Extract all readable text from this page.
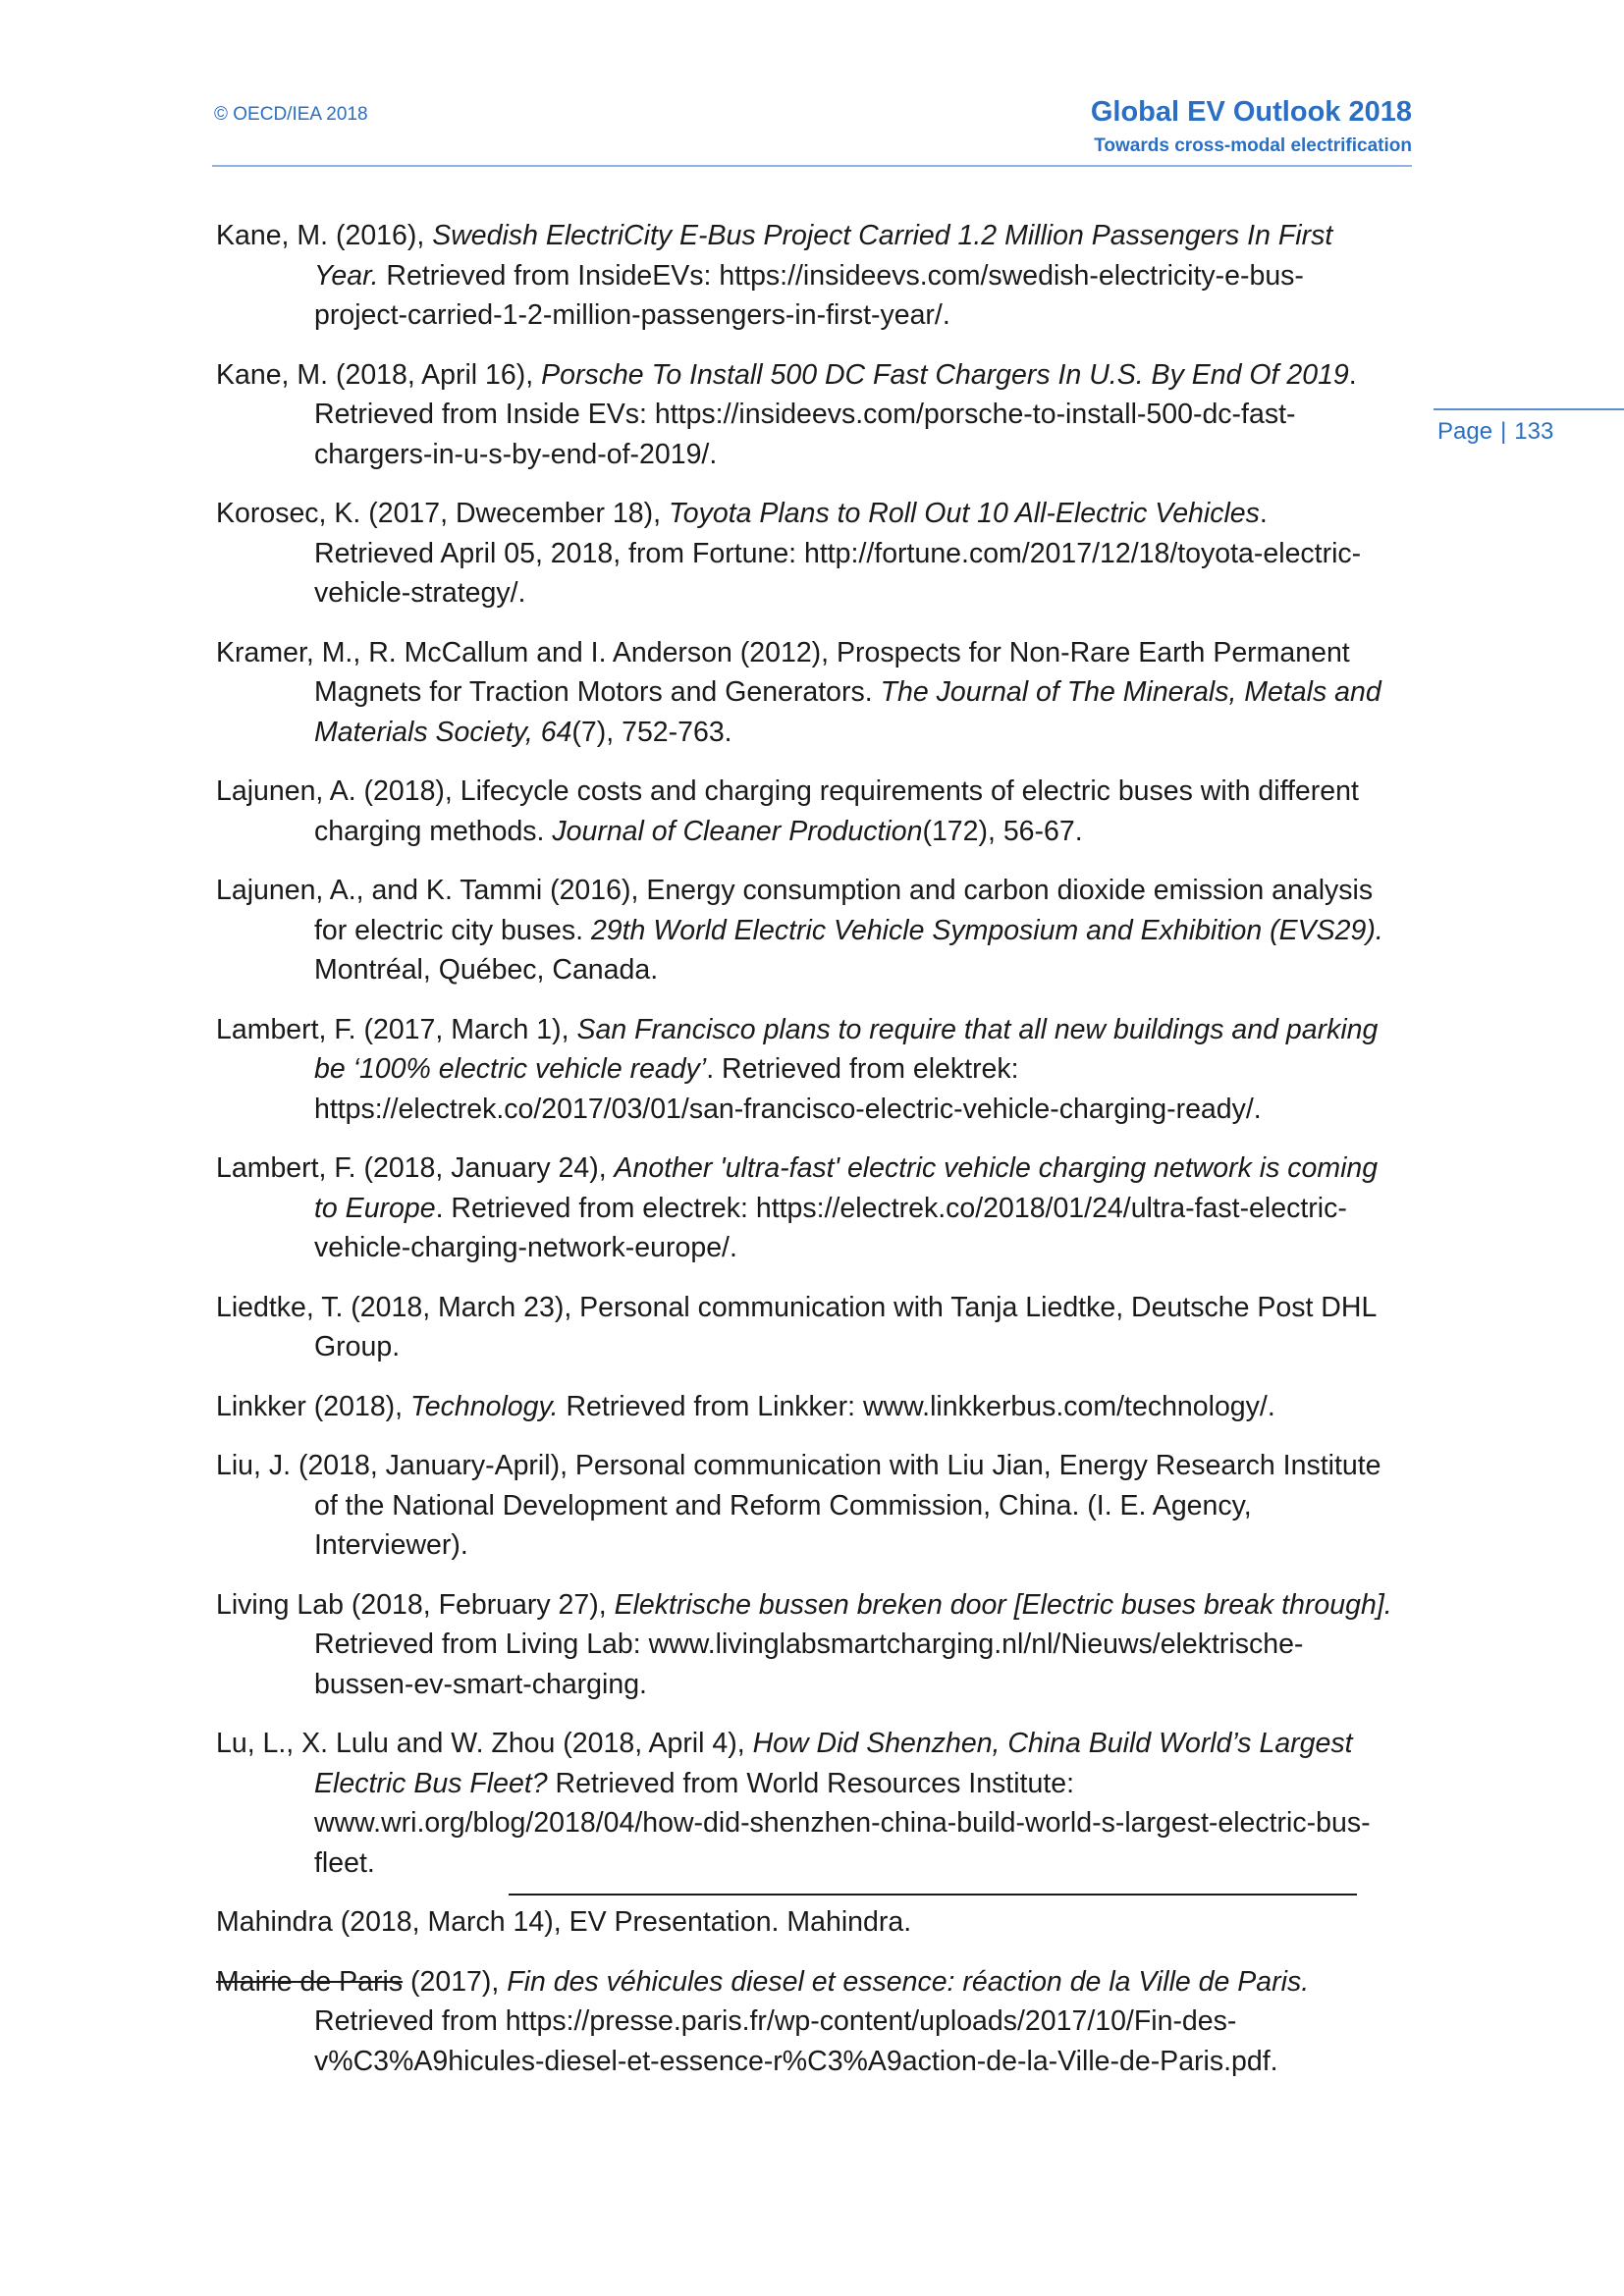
© OECD/IEA 2018	Global EV Outlook 2018
Towards cross-modal electrification
Page | 133

Kane, M. (2016), Swedish ElectriCity E-Bus Project Carried 1.2 Million Passengers In First Year. Retrieved from InsideEVs: https://insideevs.com/swedish-electricity-e-bus-project-carried-1-2-million-passengers-in-first-year/.

Kane, M. (2018, April 16), Porsche To Install 500 DC Fast Chargers In U.S. By End Of 2019. Retrieved from Inside EVs: https://insideevs.com/porsche-to-install-500-dc-fast-chargers-in-u-s-by-end-of-2019/.

Korosec, K. (2017, Dwecember 18), Toyota Plans to Roll Out 10 All-Electric Vehicles. Retrieved April 05, 2018, from Fortune: http://fortune.com/2017/12/18/toyota-electric-vehicle-strategy/.

Kramer, M., R. McCallum and I. Anderson (2012), Prospects for Non-Rare Earth Permanent Magnets for Traction Motors and Generators. The Journal of The Minerals, Metals and Materials Society, 64(7), 752-763.

Lajunen, A. (2018), Lifecycle costs and charging requirements of electric buses with different charging methods. Journal of Cleaner Production(172), 56-67.

Lajunen, A., and K. Tammi (2016), Energy consumption and carbon dioxide emission analysis for electric city buses. 29th World Electric Vehicle Symposium and Exhibition (EVS29). Montréal, Québec, Canada.

Lambert, F. (2017, March 1), San Francisco plans to require that all new buildings and parking be ‘100% electric vehicle ready’. Retrieved from elektrek: https://electrek.co/2017/03/01/san-francisco-electric-vehicle-charging-ready/.

Lambert, F. (2018, January 24), Another 'ultra-fast' electric vehicle charging network is coming to Europe. Retrieved from electrek: https://electrek.co/2018/01/24/ultra-fast-electric-vehicle-charging-network-europe/.

Liedtke, T. (2018, March 23), Personal communication with Tanja Liedtke, Deutsche Post DHL Group.

Linkker (2018), Technology. Retrieved from Linkker: www.linkkerbus.com/technology/.

Liu, J. (2018, January-April), Personal communication with Liu Jian, Energy Research Institute of the National Development and Reform Commission, China. (I. E. Agency, Interviewer).

Living Lab (2018, February 27), Elektrische bussen breken door [Electric buses break through]. Retrieved from Living Lab: www.livinglabsmartcharging.nl/nl/Nieuws/elektrische-bussen-ev-smart-charging.

Lu, L., X. Lulu and W. Zhou (2018, April 4), How Did Shenzhen, China Build World’s Largest Electric Bus Fleet? Retrieved from World Resources Institute: www.wri.org/blog/2018/04/how-did-shenzhen-china-build-world-s-largest-electric-bus-fleet.

Mahindra (2018, March 14), EV Presentation. Mahindra.

Mairie de Paris (2017), Fin des véhicules diesel et essence: réaction de la Ville de Paris. Retrieved from https://presse.paris.fr/wp-content/uploads/2017/10/Fin-des-v%C3%A9hicules-diesel-et-essence-r%C3%A9action-de-la-Ville-de-Paris.pdf.
